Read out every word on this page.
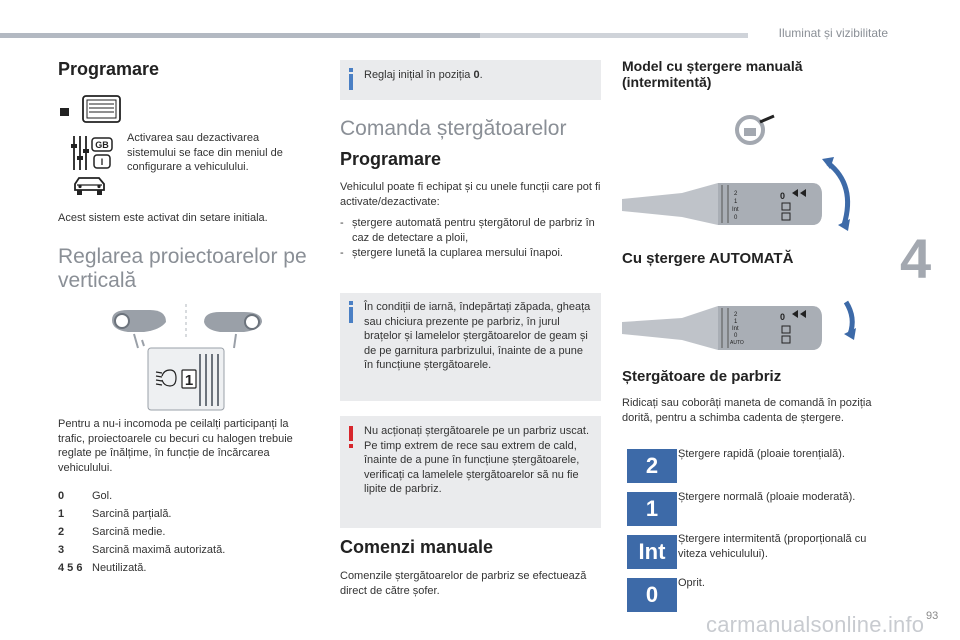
Iluminat și vizibilitate
4
Programare
GB
I

Activarea sau dezactivarea sistemului se face din meniul de configurare a vehiculului.

Acest sistem este activat din setare initiala.

Reglarea proiectoarelor pe verticală
1

Pentru a nu-i incomoda pe ceilalți participanți la trafic, proiectoarele cu becuri cu halogen trebuie reglate pe înălțime, în funcție de încărcarea vehiculului.

0	Gol.
1	Sarcină parțială.
2	Sarcină medie.
3	Sarcină maximă autorizată.
4 5 6 Neutilizată.

Reglaj inițial în poziția 0.

Comanda ștergătoarelor
Programare

Vehiculul poate fi echipat și cu unele funcții care pot fi activate/dezactivate:

- ștergere automată pentru ștergătorul de parbriz în caz de detectare a ploii,
- ștergere lunetă la cuplarea mersului înapoi.

În condiții de iarnă, îndepărtați zăpada, gheața sau chiciura prezente pe parbriz, în jurul brațelor și lamelelor ștergătoarelor de geam și de pe garnitura parbrizului, înainte de a pune în funcțiune ștergătoarele.

Nu acționați ștergătoarele pe un parbriz uscat. Pe timp extrem de rece sau extrem de cald, înainte de a pune în funcțiune ștergătoarele, verificați ca lamelele ștergătoarelor să nu fie lipite de parbriz.

Comenzi manuale

Comenzile ștergătoarelor de parbriz se efectuează direct de către șofer.

Model cu ștergere manuală (intermitentă)
2
1
Int
0
0
Cu ștergere AUTOMATĂ
2
1
Int
0
AUTO
0
Ștergătoare de parbriz

Ridicați sau coborâți maneta de comandă în poziția dorită, pentru a schimba cadenta de ștergere.

2	Ștergere rapidă (ploaie torențială).
1	Ștergere normală (ploaie moderată).
Int	Ștergere intermitentă (proporțională cu viteza vehiculului).
0	Oprit.
carmanualsonline.info 93
